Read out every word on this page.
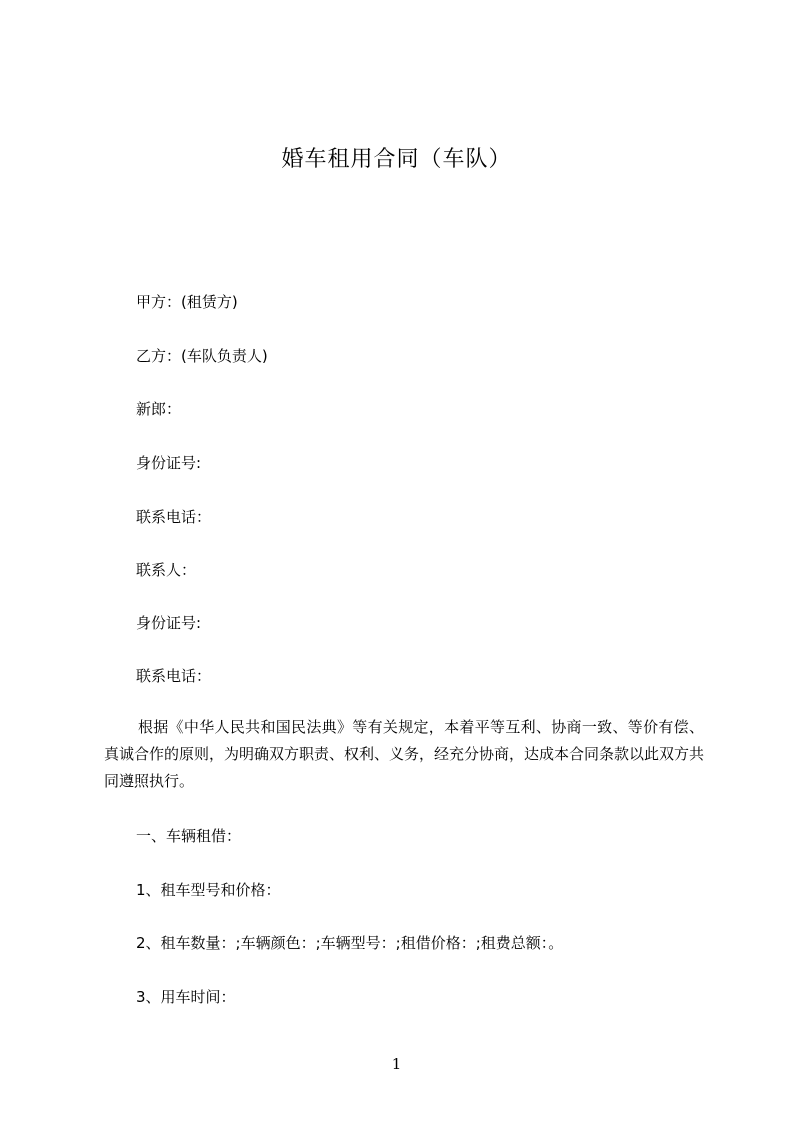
婚车租用合同（车队）
甲方：(租赁方)
乙方：(车队负责人)
新郎：
身份证号:
联系电话：
联系人：
身份证号:
联系电话：
根据《中华人民共和国民法典》等有关规定，本着平等互利、协商一致、等价有偿、真诚合作的原则，为明确双方职责、权利、义务，经充分协商，达成本合同条款以此双方共同遵照执行。
一、车辆租借：
1、租车型号和价格：
2、租车数量：;车辆颜色：;车辆型号：;租借价格：;租费总额：。
3、用车时间：
1
